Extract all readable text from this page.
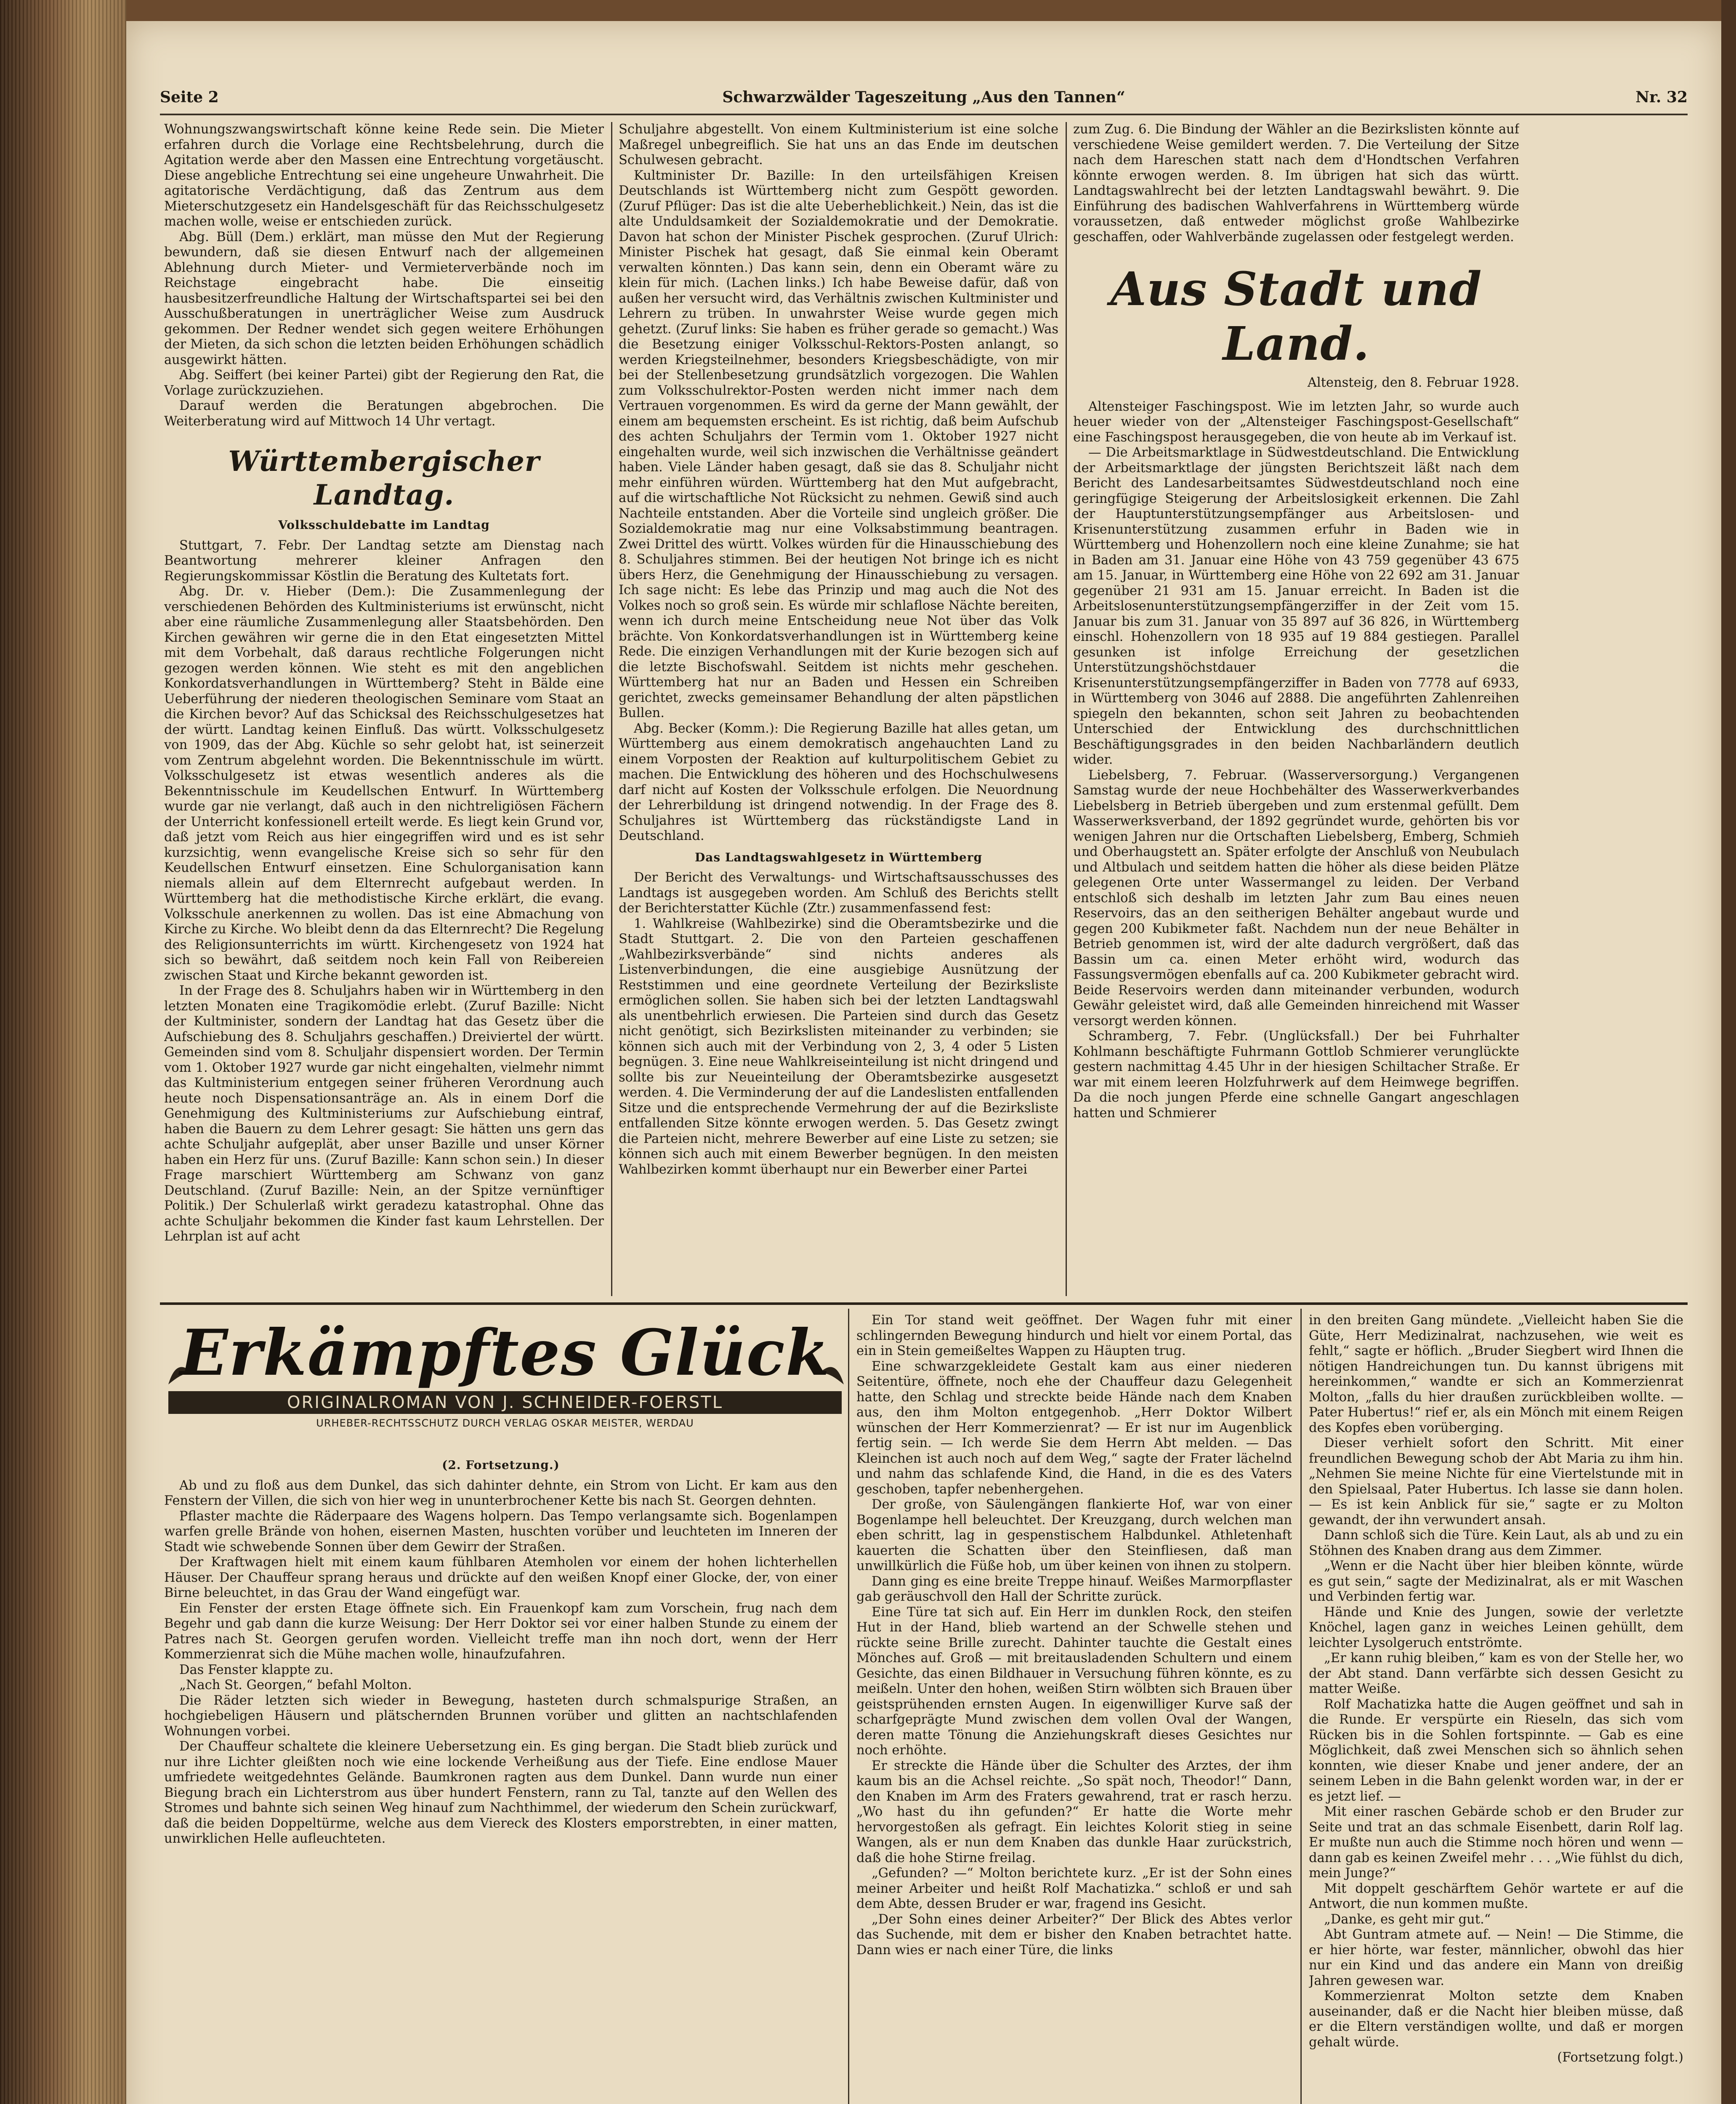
Seite 2	Schwarzwälder Tageszeitung „Aus den Tannen“	Nr. 32

Wohnungszwangswirtschaft könne keine Rede sein. Die Mieter erfahren durch die Vorlage eine Rechtsbelehrung, durch die Agitation werde aber den Massen eine Entrechtung vorgetäuscht. Diese angebliche Entrechtung sei eine ungeheure Unwahrheit. Die agitatorische Verdächtigung, daß das Zentrum aus dem Mieterschutzgesetz ein Handelsgeschäft für das Reichsschulgesetz machen wolle, weise er entschieden zurück.

Abg. Büll (Dem.) erklärt, man müsse den Mut der Regierung bewundern, daß sie diesen Entwurf nach der allgemeinen Ablehnung durch Mieter- und Vermieterverbände noch im Reichstage eingebracht habe. Die einseitig hausbesitzerfreundliche Haltung der Wirtschaftspartei sei bei den Ausschußberatungen in unerträglicher Weise zum Ausdruck gekommen. Der Redner wendet sich gegen weitere Erhöhungen der Mieten, da sich schon die letzten beiden Erhöhungen schädlich ausgewirkt hätten.

Abg. Seiffert (bei keiner Partei) gibt der Regierung den Rat, die Vorlage zurückzuziehen.

Darauf werden die Beratungen abgebrochen. Die Weiterberatung wird auf Mittwoch 14 Uhr vertagt.

Württembergischer Landtag.

Volksschuldebatte im Landtag

Stuttgart, 7. Febr. Der Landtag setzte am Dienstag nach Beantwortung mehrerer kleiner Anfragen den Regierungskommissar Köstlin die Beratung des Kultetats fort.

Abg. Dr. v. Hieber (Dem.): Die Zusammenlegung der verschiedenen Behörden des Kultministeriums ist erwünscht, nicht aber eine räumliche Zusammenlegung aller Staatsbehörden. Den Kirchen gewähren wir gerne die in den Etat eingesetzten Mittel mit dem Vorbehalt, daß daraus rechtliche Folgerungen nicht gezogen werden können. Wie steht es mit den angeblichen Konkordatsverhandlungen in Württemberg? Steht in Bälde eine Ueberführung der niederen theologischen Seminare vom Staat an die Kirchen bevor? Auf das Schicksal des Reichsschulgesetzes hat der württ. Landtag keinen Einfluß. Das württ. Volksschulgesetz von 1909, das der Abg. Küchle so sehr gelobt hat, ist seinerzeit vom Zentrum abgelehnt worden. Die Bekenntnisschule im württ. Volksschulgesetz ist etwas wesentlich anderes als die Bekenntnisschule im Keudellschen Entwurf. In Württemberg wurde gar nie verlangt, daß auch in den nichtreligiösen Fächern der Unterricht konfessionell erteilt werde. Es liegt kein Grund vor, daß jetzt vom Reich aus hier eingegriffen wird und es ist sehr kurzsichtig, wenn evangelische Kreise sich so sehr für den Keudellschen Entwurf einsetzen. Eine Schulorganisation kann niemals allein auf dem Elternrecht aufgebaut werden. In Württemberg hat die methodistische Kirche erklärt, die evang. Volksschule anerkennen zu wollen. Das ist eine Abmachung von Kirche zu Kirche. Wo bleibt denn da das Elternrecht? Die Regelung des Religionsunterrichts im württ. Kirchengesetz von 1924 hat sich so bewährt, daß seitdem noch kein Fall von Reibereien zwischen Staat und Kirche bekannt geworden ist.

In der Frage des 8. Schuljahrs haben wir in Württemberg in den letzten Monaten eine Tragikomödie erlebt. (Zuruf Bazille: Nicht der Kultminister, sondern der Landtag hat das Gesetz über die Aufschiebung des 8. Schuljahrs geschaffen.) Dreiviertel der württ. Gemeinden sind vom 8. Schuljahr dispensiert worden. Der Termin vom 1. Oktober 1927 wurde gar nicht eingehalten, vielmehr nimmt das Kultministerium entgegen seiner früheren Verordnung auch heute noch Dispensationsanträge an. Als in einem Dorf die Genehmigung des Kultministeriums zur Aufschiebung eintraf, haben die Bauern zu dem Lehrer gesagt: Sie hätten uns gern das achte Schuljahr aufgeplät, aber unser Bazille und unser Körner haben ein Herz für uns. (Zuruf Bazille: Kann schon sein.) In dieser Frage marschiert Württemberg am Schwanz von ganz Deutschland. (Zuruf Bazille: Nein, an der Spitze vernünftiger Politik.) Der Schulerlaß wirkt geradezu katastrophal. Ohne das achte Schuljahr bekommen die Kinder fast kaum Lehrstellen. Der Lehrplan ist auf acht

Schuljahre abgestellt. Von einem Kultministerium ist eine solche Maßregel unbegreiflich. Sie hat uns an das Ende im deutschen Schulwesen gebracht.

Kultminister Dr. Bazille: In den urteilsfähigen Kreisen Deutschlands ist Württemberg nicht zum Gespött geworden. (Zuruf Pflüger: Das ist die alte Ueberheblichkeit.) Nein, das ist die alte Unduldsamkeit der Sozialdemokratie und der Demokratie. Davon hat schon der Minister Pischek gesprochen. (Zuruf Ulrich: Minister Pischek hat gesagt, daß Sie einmal kein Oberamt verwalten könnten.) Das kann sein, denn ein Oberamt wäre zu klein für mich. (Lachen links.) Ich habe Beweise dafür, daß von außen her versucht wird, das Verhältnis zwischen Kultminister und Lehrern zu trüben. In unwahrster Weise wurde gegen mich gehetzt. (Zuruf links: Sie haben es früher gerade so gemacht.) Was die Besetzung einiger Volksschul-Rektors-Posten anlangt, so werden Kriegsteilnehmer, besonders Kriegsbeschädigte, von mir bei der Stellenbesetzung grundsätzlich vorgezogen. Die Wahlen zum Volksschulrektor-Posten werden nicht immer nach dem Vertrauen vorgenommen. Es wird da gerne der Mann gewählt, der einem am bequemsten erscheint. Es ist richtig, daß beim Aufschub des achten Schuljahrs der Termin vom 1. Oktober 1927 nicht eingehalten wurde, weil sich inzwischen die Verhältnisse geändert haben. Viele Länder haben gesagt, daß sie das 8. Schuljahr nicht mehr einführen würden. Württemberg hat den Mut aufgebracht, auf die wirtschaftliche Not Rücksicht zu nehmen. Gewiß sind auch Nachteile entstanden. Aber die Vorteile sind ungleich größer. Die Sozialdemokratie mag nur eine Volksabstimmung beantragen. Zwei Drittel des württ. Volkes würden für die Hinausschiebung des 8. Schuljahres stimmen. Bei der heutigen Not bringe ich es nicht übers Herz, die Genehmigung der Hinausschiebung zu versagen. Ich sage nicht: Es lebe das Prinzip und mag auch die Not des Volkes noch so groß sein. Es würde mir schlaflose Nächte bereiten, wenn ich durch meine Entscheidung neue Not über das Volk brächte. Von Konkordatsverhandlungen ist in Württemberg keine Rede. Die einzigen Verhandlungen mit der Kurie bezogen sich auf die letzte Bischofswahl. Seitdem ist nichts mehr geschehen. Württemberg hat nur an Baden und Hessen ein Schreiben gerichtet, zwecks gemeinsamer Behandlung der alten päpstlichen Bullen.

Abg. Becker (Komm.): Die Regierung Bazille hat alles getan, um Württemberg aus einem demokratisch angehauchten Land zu einem Vorposten der Reaktion auf kulturpolitischem Gebiet zu machen. Die Entwicklung des höheren und des Hochschulwesens darf nicht auf Kosten der Volksschule erfolgen. Die Neuordnung der Lehrerbildung ist dringend notwendig. In der Frage des 8. Schuljahres ist Württemberg das rückständigste Land in Deutschland.

Das Landtagswahlgesetz in Württemberg

Der Bericht des Verwaltungs- und Wirtschaftsausschusses des Landtags ist ausgegeben worden. Am Schluß des Berichts stellt der Berichterstatter Küchle (Ztr.) zusammenfassend fest:

1. Wahlkreise (Wahlbezirke) sind die Oberamtsbezirke und die Stadt Stuttgart. 2. Die von den Parteien geschaffenen „Wahlbezirksverbände“ sind nichts anderes als Listenverbindungen, die eine ausgiebige Ausnützung der Reststimmen und eine geordnete Verteilung der Bezirksliste ermöglichen sollen. Sie haben sich bei der letzten Landtagswahl als unentbehrlich erwiesen. Die Parteien sind durch das Gesetz nicht genötigt, sich Bezirkslisten miteinander zu verbinden; sie können sich auch mit der Verbindung von 2, 3, 4 oder 5 Listen begnügen. 3. Eine neue Wahlkreiseinteilung ist nicht dringend und sollte bis zur Neueinteilung der Oberamtsbezirke ausgesetzt werden. 4. Die Verminderung der auf die Landeslisten entfallenden Sitze und die entsprechende Vermehrung der auf die Bezirksliste entfallenden Sitze könnte erwogen werden. 5. Das Gesetz zwingt die Parteien nicht, mehrere Bewerber auf eine Liste zu setzen; sie können sich auch mit einem Bewerber begnügen. In den meisten Wahlbezirken kommt überhaupt nur ein Bewerber einer Partei

zum Zug. 6. Die Bindung der Wähler an die Bezirkslisten könnte auf verschiedene Weise gemildert werden. 7. Die Verteilung der Sitze nach dem Hareschen statt nach dem d'Hondtschen Verfahren könnte erwogen werden. 8. Im übrigen hat sich das württ. Landtagswahlrecht bei der letzten Landtagswahl bewährt. 9. Die Einführung des badischen Wahlverfahrens in Württemberg würde voraussetzen, daß entweder möglichst große Wahlbezirke geschaffen, oder Wahlverbände zugelassen oder festgelegt werden.

Aus Stadt und Land.

Altensteig, den 8. Februar 1928.

Altensteiger Faschingspost. Wie im letzten Jahr, so wurde auch heuer wieder von der „Altensteiger Faschingspost-Gesellschaft“ eine Faschingspost herausgegeben, die von heute ab im Verkauf ist.

— Die Arbeitsmarktlage in Südwestdeutschland. Die Entwicklung der Arbeitsmarktlage der jüngsten Berichtszeit läßt nach dem Bericht des Landesarbeitsamtes Südwestdeutschland noch eine geringfügige Steigerung der Arbeitslosigkeit erkennen. Die Zahl der Hauptunterstützungsempfänger aus Arbeitslosen- und Krisenunterstützung zusammen erfuhr in Baden wie in Württemberg und Hohenzollern noch eine kleine Zunahme; sie hat in Baden am 31. Januar eine Höhe von 43 759 gegenüber 43 675 am 15. Januar, in Württemberg eine Höhe von 22 692 am 31. Januar gegenüber 21 931 am 15. Januar erreicht. In Baden ist die Arbeitslosenunterstützungsempfängerziffer in der Zeit vom 15. Januar bis zum 31. Januar von 35 897 auf 36 826, in Württemberg einschl. Hohenzollern von 18 935 auf 19 884 gestiegen. Parallel gesunken ist infolge Erreichung der gesetzlichen Unterstützungshöchstdauer die Krisenunterstützungsempfängerziffer in Baden von 7778 auf 6933, in Württemberg von 3046 auf 2888. Die angeführten Zahlenreihen spiegeln den bekannten, schon seit Jahren zu beobachtenden Unterschied der Entwicklung des durchschnittlichen Beschäftigungsgrades in den beiden Nachbarländern deutlich wider.

Liebelsberg, 7. Februar. (Wasserversorgung.) Vergangenen Samstag wurde der neue Hochbehälter des Wasserwerkverbandes Liebelsberg in Betrieb übergeben und zum erstenmal gefüllt. Dem Wasserwerksverband, der 1892 gegründet wurde, gehörten bis vor wenigen Jahren nur die Ortschaften Liebelsberg, Emberg, Schmieh und Oberhaugstett an. Später erfolgte der Anschluß von Neubulach und Altbulach und seitdem hatten die höher als diese beiden Plätze gelegenen Orte unter Wassermangel zu leiden. Der Verband entschloß sich deshalb im letzten Jahr zum Bau eines neuen Reservoirs, das an den seitherigen Behälter angebaut wurde und gegen 200 Kubikmeter faßt. Nachdem nun der neue Behälter in Betrieb genommen ist, wird der alte dadurch vergrößert, daß das Bassin um ca. einen Meter erhöht wird, wodurch das Fassungsvermögen ebenfalls auf ca. 200 Kubikmeter gebracht wird. Beide Reservoirs werden dann miteinander verbunden, wodurch Gewähr geleistet wird, daß alle Gemeinden hinreichend mit Wasser versorgt werden können.

Schramberg, 7. Febr. (Unglücksfall.) Der bei Fuhrhalter Kohlmann beschäftigte Fuhrmann Gottlob Schmierer verunglückte gestern nachmittag 4.45 Uhr in der hiesigen Schiltacher Straße. Er war mit einem leeren Holzfuhrwerk auf dem Heimwege begriffen. Da die noch jungen Pferde eine schnelle Gangart angeschlagen hatten und Schmierer

Erkämpftes Glück
ORIGINALROMAN VON J. SCHNEIDER-FOERSTL
URHEBER-RECHTSSCHUTZ DURCH VERLAG OSKAR MEISTER, WERDAU

(2. Fortsetzung.)

Ab und zu floß aus dem Dunkel, das sich dahinter dehnte, ein Strom von Licht. Er kam aus den Fenstern der Villen, die sich von hier weg in ununterbrochener Kette bis nach St. Georgen dehnten.

Pflaster machte die Räderpaare des Wagens holpern. Das Tempo verlangsamte sich. Bogenlampen warfen grelle Brände von hohen, eisernen Masten, huschten vorüber und leuchteten im Inneren der Stadt wie schwebende Sonnen über dem Gewirr der Straßen.

Der Kraftwagen hielt mit einem kaum fühlbaren Atemholen vor einem der hohen lichterhellen Häuser. Der Chauffeur sprang heraus und drückte auf den weißen Knopf einer Glocke, der, von einer Birne beleuchtet, in das Grau der Wand eingefügt war.

Ein Fenster der ersten Etage öffnete sich. Ein Frauenkopf kam zum Vorschein, frug nach dem Begehr und gab dann die kurze Weisung: Der Herr Doktor sei vor einer halben Stunde zu einem der Patres nach St. Georgen gerufen worden. Vielleicht treffe man ihn noch dort, wenn der Herr Kommerzienrat sich die Mühe machen wolle, hinaufzufahren.

Das Fenster klappte zu.

„Nach St. Georgen,“ befahl Molton.

Die Räder letzten sich wieder in Bewegung, hasteten durch schmalspurige Straßen, an hochgiebeligen Häusern und plätschernden Brunnen vorüber und glitten an nachtschlafenden Wohnungen vorbei.

Der Chauffeur schaltete die kleinere Uebersetzung ein. Es ging bergan. Die Stadt blieb zurück und nur ihre Lichter gleißten noch wie eine lockende Verheißung aus der Tiefe. Eine endlose Mauer umfriedete weitgedehntes Gelände. Baumkronen ragten aus dem Dunkel. Dann wurde nun einer Biegung brach ein Lichterstrom aus über hundert Fenstern, rann zu Tal, tanzte auf den Wellen des Stromes und bahnte sich seinen Weg hinauf zum Nachthimmel, der wiederum den Schein zurückwarf, daß die beiden Doppeltürme, welche aus dem Viereck des Klosters emporstrebten, in einer matten, unwirklichen Helle aufleuchteten.

Ein Tor stand weit geöffnet. Der Wagen fuhr mit einer schlingernden Bewegung hindurch und hielt vor einem Portal, das ein in Stein gemeißeltes Wappen zu Häupten trug.

Eine schwarzgekleidete Gestalt kam aus einer niederen Seitentüre, öffnete, noch ehe der Chauffeur dazu Gelegenheit hatte, den Schlag und streckte beide Hände nach dem Knaben aus, den ihm Molton entgegenhob. „Herr Doktor Wilbert wünschen der Herr Kommerzienrat? — Er ist nur im Augenblick fertig sein. — Ich werde Sie dem Herrn Abt melden. — Das Kleinchen ist auch noch auf dem Weg,“ sagte der Frater lächelnd und nahm das schlafende Kind, die Hand, in die es des Vaters geschoben, tapfer nebenhergehen.

Der große, von Säulengängen flankierte Hof, war von einer Bogenlampe hell beleuchtet. Der Kreuzgang, durch welchen man eben schritt, lag in gespenstischem Halbdunkel. Athletenhaft kauerten die Schatten über den Steinfliesen, daß man unwillkürlich die Füße hob, um über keinen von ihnen zu stolpern.

Dann ging es eine breite Treppe hinauf. Weißes Marmorpflaster gab geräuschvoll den Hall der Schritte zurück.

Eine Türe tat sich auf. Ein Herr im dunklen Rock, den steifen Hut in der Hand, blieb wartend an der Schwelle stehen und rückte seine Brille zurecht. Dahinter tauchte die Gestalt eines Mönches auf. Groß — mit breitausladenden Schultern und einem Gesichte, das einen Bildhauer in Versuchung führen könnte, es zu meißeln. Unter den hohen, weißen Stirn wölbten sich Brauen über geistsprühenden ernsten Augen. In eigenwilliger Kurve saß der scharfgeprägte Mund zwischen dem vollen Oval der Wangen, deren matte Tönung die Anziehungskraft dieses Gesichtes nur noch erhöhte.

Er streckte die Hände über die Schulter des Arztes, der ihm kaum bis an die Achsel reichte. „So spät noch, Theodor!“ Dann, den Knaben im Arm des Fraters gewahrend, trat er rasch herzu. „Wo hast du ihn gefunden?“ Er hatte die Worte mehr hervorgestoßen als gefragt. Ein leichtes Kolorit stieg in seine Wangen, als er nun dem Knaben das dunkle Haar zurückstrich, daß die hohe Stirne freilag.

„Gefunden? —“ Molton berichtete kurz. „Er ist der Sohn eines meiner Arbeiter und heißt Rolf Machatizka.“ schloß er und sah dem Abte, dessen Bruder er war, fragend ins Gesicht.

„Der Sohn eines deiner Arbeiter?“ Der Blick des Abtes verlor das Suchende, mit dem er bisher den Knaben betrachtet hatte. Dann wies er nach einer Türe, die links

in den breiten Gang mündete. „Vielleicht haben Sie die Güte, Herr Medizinalrat, nachzusehen, wie weit es fehlt,“ sagte er höflich. „Bruder Siegbert wird Ihnen die nötigen Handreichungen tun. Du kannst übrigens mit hereinkommen,“ wandte er sich an Kommerzienrat Molton, „falls du hier draußen zurückbleiben wollte. — Pater Hubertus!“ rief er, als ein Mönch mit einem Reigen des Kopfes eben vorüberging.

Dieser verhielt sofort den Schritt. Mit einer freundlichen Bewegung schob der Abt Maria zu ihm hin. „Nehmen Sie meine Nichte für eine Viertelstunde mit in den Spielsaal, Pater Hubertus. Ich lasse sie dann holen. — Es ist kein Anblick für sie,“ sagte er zu Molton gewandt, der ihn verwundert ansah.

Dann schloß sich die Türe. Kein Laut, als ab und zu ein Stöhnen des Knaben drang aus dem Zimmer.

„Wenn er die Nacht über hier bleiben könnte, würde es gut sein,“ sagte der Medizinalrat, als er mit Waschen und Verbinden fertig war.

Hände und Knie des Jungen, sowie der verletzte Knöchel, lagen ganz in weiches Leinen gehüllt, dem leichter Lysolgeruch entströmte.

„Er kann ruhig bleiben,“ kam es von der Stelle her, wo der Abt stand. Dann verfärbte sich dessen Gesicht zu matter Weiße.

Rolf Machatizka hatte die Augen geöffnet und sah in die Runde. Er verspürte ein Rieseln, das sich vom Rücken bis in die Sohlen fortspinnte. — Gab es eine Möglichkeit, daß zwei Menschen sich so ähnlich sehen konnten, wie dieser Knabe und jener andere, der an seinem Leben in die Bahn gelenkt worden war, in der er es jetzt lief. —

Mit einer raschen Gebärde schob er den Bruder zur Seite und trat an das schmale Eisenbett, darin Rolf lag. Er mußte nun auch die Stimme noch hören und wenn — dann gab es keinen Zweifel mehr . . . „Wie fühlst du dich, mein Junge?“

Mit doppelt geschärftem Gehör wartete er auf die Antwort, die nun kommen mußte.

„Danke, es geht mir gut.“

Abt Guntram atmete auf. — Nein! — Die Stimme, die er hier hörte, war fester, männlicher, obwohl das hier nur ein Kind und das andere ein Mann von dreißig Jahren gewesen war.

Kommerzienrat Molton setzte dem Knaben auseinander, daß er die Nacht hier bleiben müsse, daß er die Eltern verständigen wollte, und daß er morgen gehalt würde.

(Fortsetzung folgt.)
